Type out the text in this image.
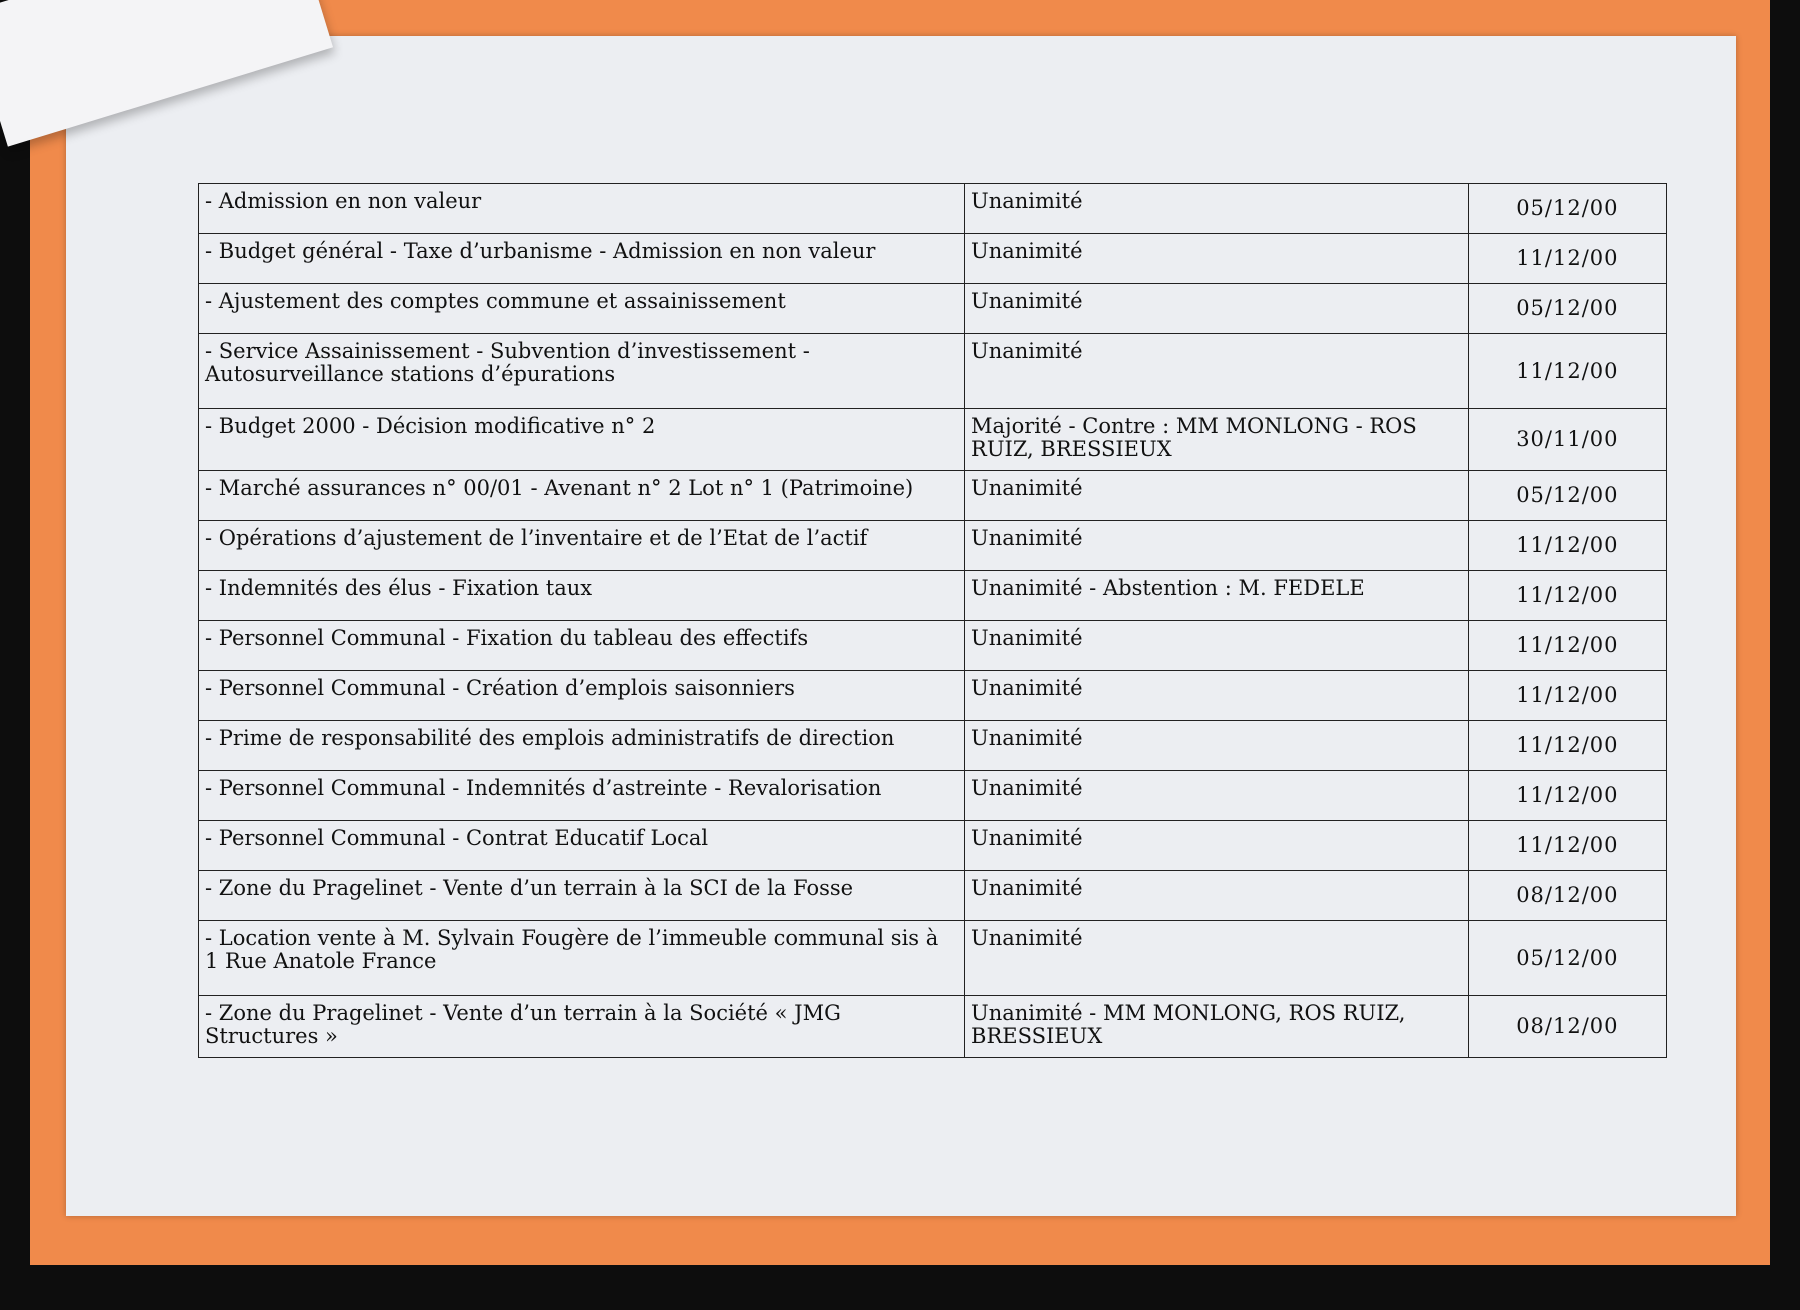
- Admission en non valeur	Unanimité	05/12/00
- Budget général - Taxe d’urbanisme - Admission en non valeur	Unanimité	11/12/00
- Ajustement des comptes commune et assainissement	Unanimité	05/12/00
- Service Assainissement - Subvention d’investissement - Autosurveillance stations d’épurations	Unanimité	11/12/00
- Budget 2000 - Décision modificative n° 2	Majorité - Contre : MM MONLONG - ROS RUIZ, BRESSIEUX	30/11/00
- Marché assurances n° 00/01 - Avenant n° 2 Lot n° 1 (Patrimoine)	Unanimité	05/12/00
- Opérations d’ajustement de l’inventaire et de l’Etat de l’actif	Unanimité	11/12/00
- Indemnités des élus - Fixation taux	Unanimité - Abstention : M. FEDELE	11/12/00
- Personnel Communal - Fixation du tableau des effectifs	Unanimité	11/12/00
- Personnel Communal - Création d’emplois saisonniers	Unanimité	11/12/00
- Prime de responsabilité des emplois administratifs de direction	Unanimité	11/12/00
- Personnel Communal - Indemnités d’astreinte - Revalorisation	Unanimité	11/12/00
- Personnel Communal - Contrat Educatif Local	Unanimité	11/12/00
- Zone du Pragelinet - Vente d’un terrain à la SCI de la Fosse	Unanimité	08/12/00
- Location vente à M. Sylvain Fougère de l’immeuble communal sis à 1 Rue Anatole France	Unanimité	05/12/00
- Zone du Pragelinet - Vente d’un terrain à la Société « JMG Structures »	Unanimité - MM MONLONG, ROS RUIZ, BRESSIEUX	08/12/00
